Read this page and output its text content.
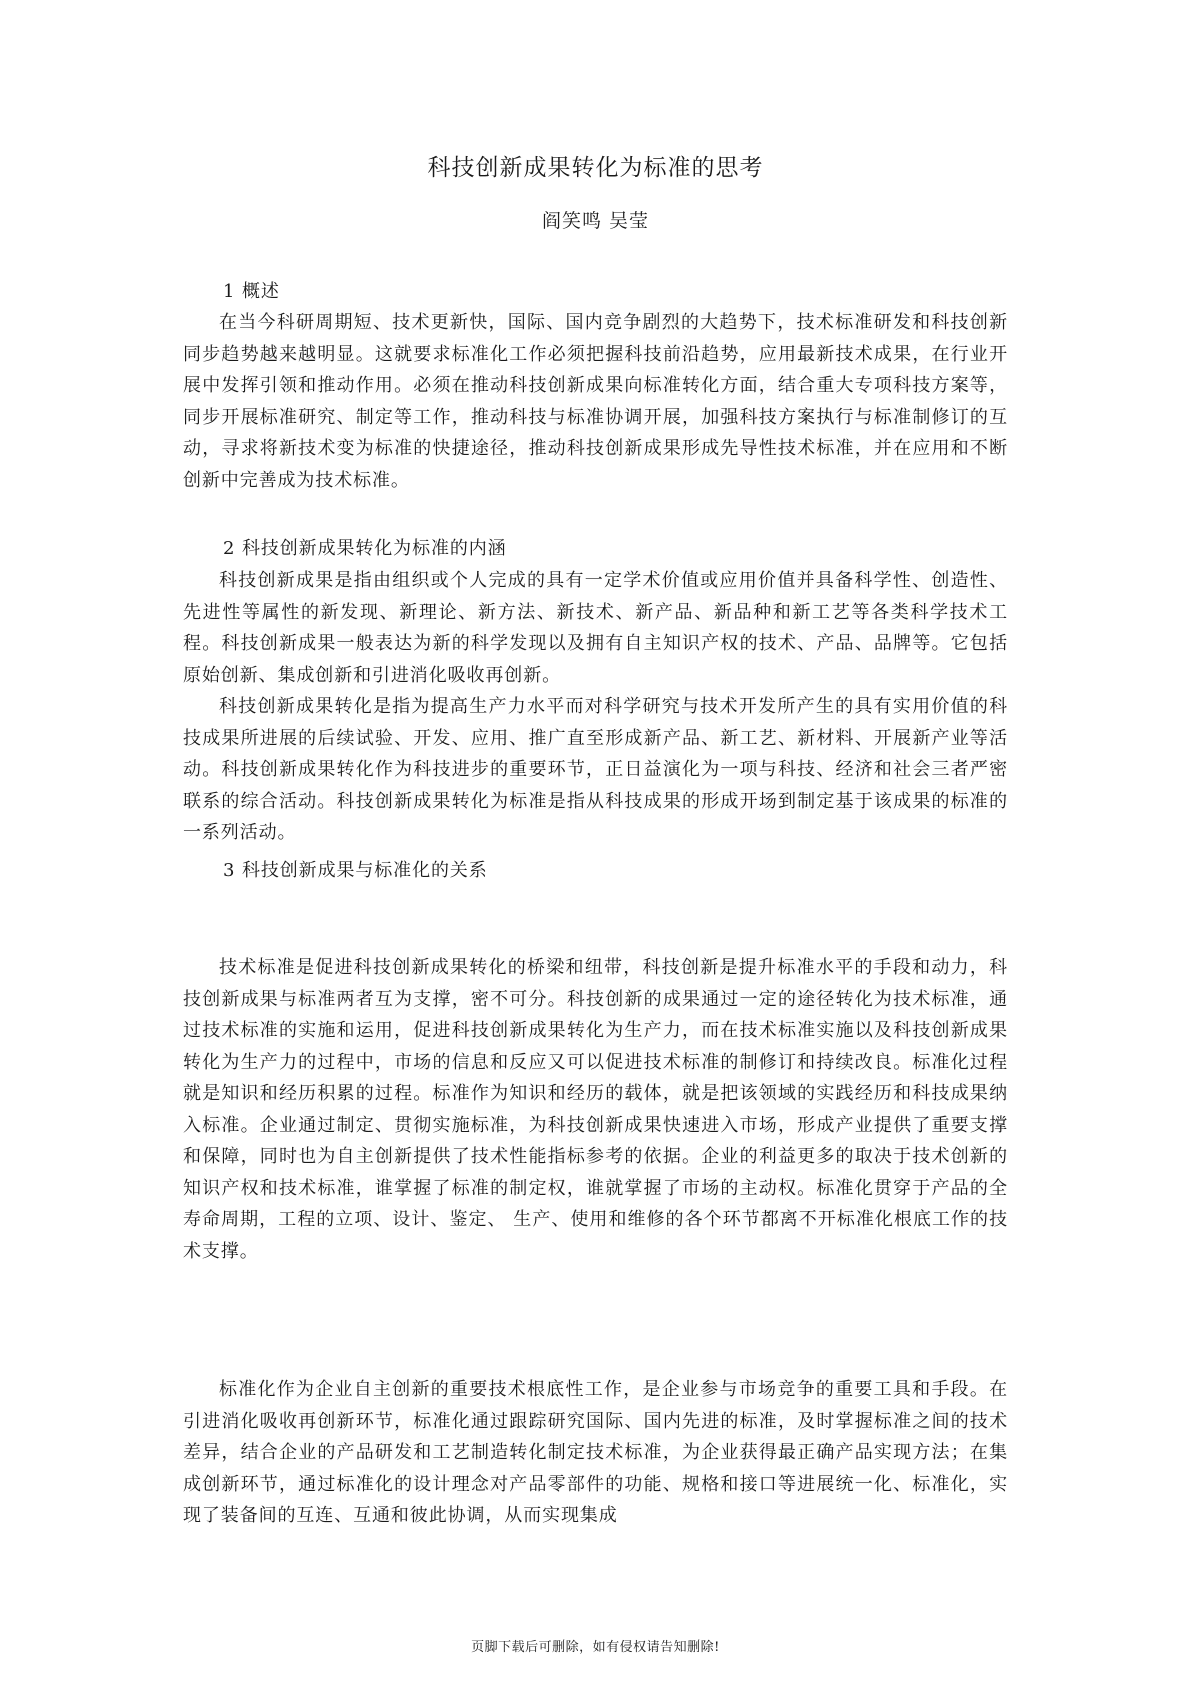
科技创新成果转化为标准的思考
阎笑鸣 吴莹
1 概述

在当今科研周期短、技术更新快，国际、国内竞争剧烈的大趋势下，技术标准研发和科技创新同步趋势越来越明显。这就要求标准化工作必须把握科技前沿趋势，应用最新技术成果，在行业开展中发挥引领和推动作用。必须在推动科技创新成果向标准转化方面，结合重大专项科技方案等，同步开展标准研究、制定等工作，推动科技与标准协调开展，加强科技方案执行与标准制修订的互动，寻求将新技术变为标准的快捷途径，推动科技创新成果形成先导性技术标准，并在应用和不断创新中完善成为技术标准。

2 科技创新成果转化为标准的内涵

科技创新成果是指由组织或个人完成的具有一定学术价值或应用价值并具备科学性、创造性、先进性等属性的新发现、新理论、新方法、新技术、新产品、新品种和新工艺等各类科学技术工程。科技创新成果一般表达为新的科学发现以及拥有自主知识产权的技术、产品、品牌等。它包括原始创新、集成创新和引进消化吸收再创新。

科技创新成果转化是指为提高生产力水平而对科学研究与技术开发所产生的具有实用价值的科技成果所进展的后续试验、开发、应用、推广直至形成新产品、新工艺、新材料、开展新产业等活动。科技创新成果转化作为科技进步的重要环节，正日益演化为一项与科技、经济和社会三者严密联系的综合活动。科技创新成果转化为标准是指从科技成果的形成开场到制定基于该成果的标准的一系列活动。

3 科技创新成果与标准化的关系

技术标准是促进科技创新成果转化的桥梁和纽带，科技创新是提升标准水平的手段和动力，科技创新成果与标准两者互为支撑，密不可分。科技创新的成果通过一定的途径转化为技术标准，通过技术标准的实施和运用，促进科技创新成果转化为生产力，而在技术标准实施以及科技创新成果转化为生产力的过程中，市场的信息和反应又可以促进技术标准的制修订和持续改良。标准化过程就是知识和经历积累的过程。标准作为知识和经历的载体，就是把该领域的实践经历和科技成果纳入标准。企业通过制定、贯彻实施标准，为科技创新成果快速进入市场，形成产业提供了重要支撑和保障，同时也为自主创新提供了技术性能指标参考的依据。企业的利益更多的取决于技术创新的知识产权和技术标准，谁掌握了标准的制定权，谁就掌握了市场的主动权。标准化贯穿于产品的全寿命周期，工程的立项、设计、鉴定、 生产、使用和维修的各个环节都离不开标准化根底工作的技术支撑。

标准化作为企业自主创新的重要技术根底性工作，是企业参与市场竞争的重要工具和手段。在引进消化吸收再创新环节，标准化通过跟踪研究国际、国内先进的标准，及时掌握标准之间的技术差异，结合企业的产品研发和工艺制造转化制定技术标准，为企业获得最正确产品实现方法；在集成创新环节，通过标准化的设计理念对产品零部件的功能、规格和接口等进展统一化、标准化，实现了装备间的互连、互通和彼此协调，从而实现集成

页脚下载后可删除，如有侵权请告知删除!
